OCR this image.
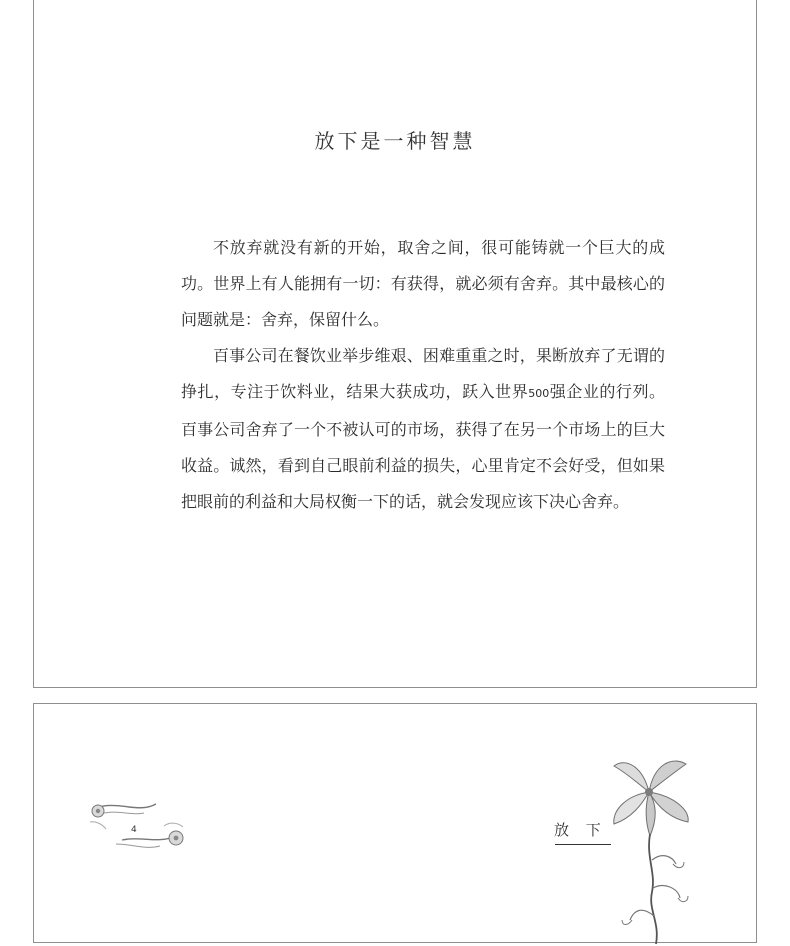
放下是一种智慧

不放弃就没有新的开始，取舍之间，很可能铸就一个巨大的成功。世界上有人能拥有一切：有获得，就必须有舍弃。其中最核心的问题就是：舍弃，保留什么。

百事公司在餐饮业举步维艰、困难重重之时，果断放弃了无谓的挣扎，专注于饮料业，结果大获成功，跃入世界500强企业的行列。百事公司舍弃了一个不被认可的市场，获得了在另一个市场上的巨大收益。诚然，看到自己眼前利益的损失，心里肯定不会好受，但如果把眼前的利益和大局权衡一下的话，就会发现应该下决心舍弃。

4	放 下
